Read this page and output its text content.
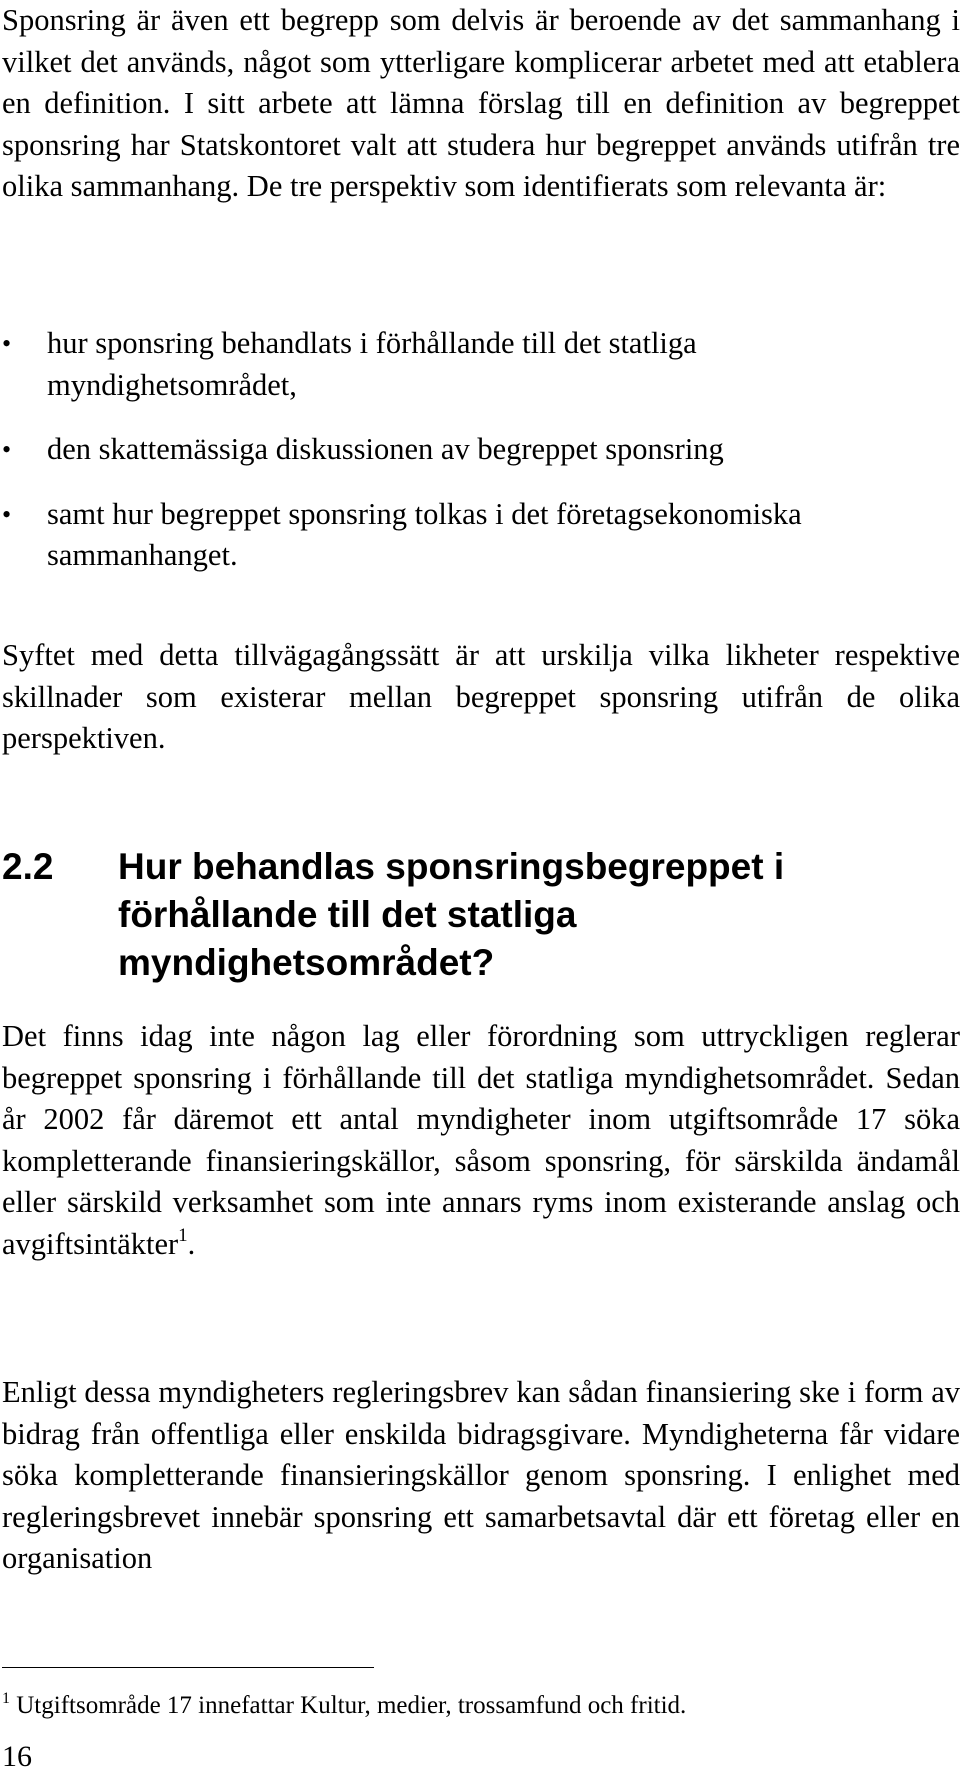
Sponsring är även ett begrepp som delvis är beroende av det sammanhang i vilket det används, något som ytterligare komplicerar arbetet med att etablera en definition. I sitt arbete att lämna förslag till en definition av begreppet sponsring har Statskontoret valt att studera hur begreppet används utifrån tre olika sammanhang. De tre perspektiv som identifierats som relevanta är:

• hur sponsring behandlats i förhållande till det statliga myndighetsområdet,
• den skattemässiga diskussionen av begreppet sponsring
• samt hur begreppet sponsring tolkas i det företagsekonomiska sammanhanget.

Syftet med detta tillvägagångssätt är att urskilja vilka likheter respektive skillnader som existerar mellan begreppet sponsring utifrån de olika perspektiven.

2.2	Hur behandlas sponsringsbegreppet i förhållande till det statliga myndighetsområdet?

Det finns idag inte någon lag eller förordning som uttryckligen reglerar begreppet sponsring i förhållande till det statliga myndighetsområdet. Sedan år 2002 får däremot ett antal myndigheter inom utgiftsområde 17 söka kompletterande finansieringskällor, såsom sponsring, för särskilda ändamål eller särskild verksamhet som inte annars ryms inom existerande anslag och avgiftsintäkter$^1$.

Enligt dessa myndigheters regleringsbrev kan sådan finansiering ske i form av bidrag från offentliga eller enskilda bidragsgivare. Myndigheterna får vidare söka kompletterande finansieringskällor genom sponsring. I enlighet med regleringsbrevet innebär sponsring ett samarbetsavtal där ett företag eller en organisation

$^1$ Utgiftsområde 17 innefattar Kultur, medier, trossamfund och fritid.

16
